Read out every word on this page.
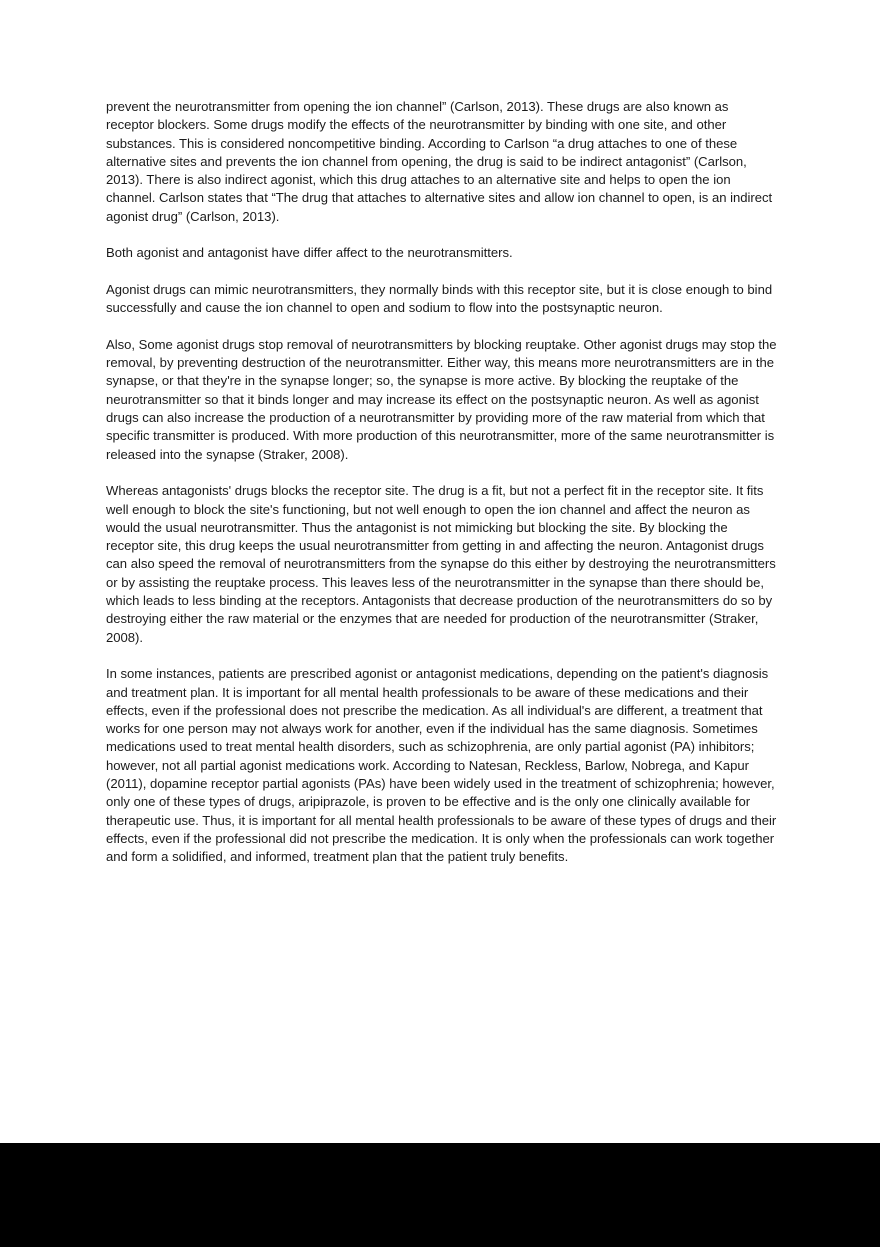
prevent the neurotransmitter from opening the ion channel” (Carlson, 2013). These drugs are also known as receptor blockers. Some drugs modify the effects of the neurotransmitter by binding with one site, and other substances. This is considered noncompetitive binding. According to Carlson “a drug attaches to one of these alternative sites and prevents the ion channel from opening, the drug is said to be indirect antagonist” (Carlson, 2013). There is also indirect agonist, which this drug attaches to an alternative site and helps to open the ion channel. Carlson states that “The drug that attaches to alternative sites and allow ion channel to open, is an indirect agonist drug” (Carlson, 2013).

Both agonist and antagonist have differ affect to the neurotransmitters.

Agonist drugs can mimic neurotransmitters, they normally binds with this receptor site, but it is close enough to bind successfully and cause the ion channel to open and sodium to flow into the postsynaptic neuron.

Also, Some agonist drugs stop removal of neurotransmitters by blocking reuptake. Other agonist drugs may stop the removal, by preventing destruction of the neurotransmitter. Either way, this means more neurotransmitters are in the synapse, or that they're in the synapse longer; so, the synapse is more active. By blocking the reuptake of the neurotransmitter so that it binds longer and may increase its effect on the postsynaptic neuron. As well as agonist drugs can also increase the production of a neurotransmitter by providing more of the raw material from which that specific transmitter is produced. With more production of this neurotransmitter, more of the same neurotransmitter is released into the synapse (Straker, 2008).

Whereas antagonists' drugs blocks the receptor site. The drug is a fit, but not a perfect fit in the receptor site. It fits well enough to block the site's functioning, but not well enough to open the ion channel and affect the neuron as would the usual neurotransmitter. Thus the antagonist is not mimicking but blocking the site. By blocking the receptor site, this drug keeps the usual neurotransmitter from getting in and affecting the neuron. Antagonist drugs can also speed the removal of neurotransmitters from the synapse do this either by destroying the neurotransmitters or by assisting the reuptake process. This leaves less of the neurotransmitter in the synapse than there should be, which leads to less binding at the receptors. Antagonists that decrease production of the neurotransmitters do so by destroying either the raw material or the enzymes that are needed for production of the neurotransmitter (Straker, 2008).

In some instances, patients are prescribed agonist or antagonist medications, depending on the patient's diagnosis and treatment plan. It is important for all mental health professionals to be aware of these medications and their effects, even if the professional does not prescribe the medication. As all individual's are different, a treatment that works for one person may not always work for another, even if the individual has the same diagnosis. Sometimes medications used to treat mental health disorders, such as schizophrenia, are only partial agonist (PA) inhibitors; however, not all partial agonist medications work. According to Natesan, Reckless, Barlow, Nobrega, and Kapur (2011), dopamine receptor partial agonists (PAs) have been widely used in the treatment of schizophrenia; however, only one of these types of drugs, aripiprazole, is proven to be effective and is the only one clinically available for therapeutic use. Thus, it is important for all mental health professionals to be aware of these types of drugs and their effects, even if the professional did not prescribe the medication. It is only when the professionals can work together and form a solidified, and informed, treatment plan that the patient truly benefits.
